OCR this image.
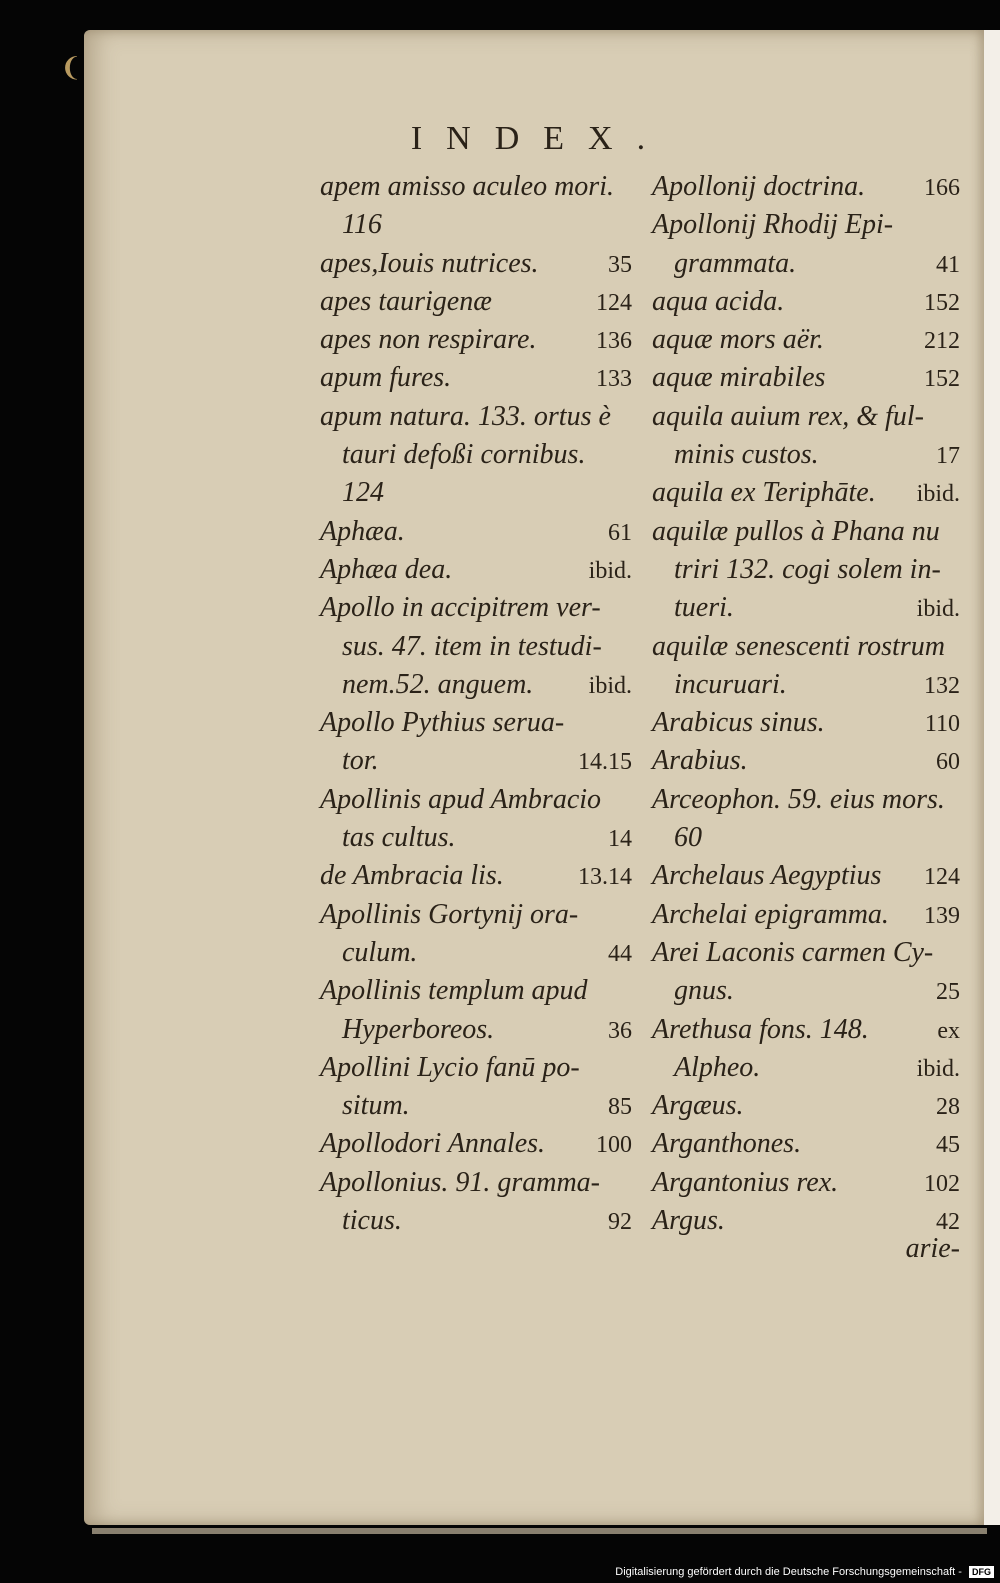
❨
INDEX.
apem amisso aculeo mori.
116
apes,Iouis nutrices.	35
apes taurigenæ	124
apes non respirare. 136
apum fures.	133
apum natura. 133. ortus è
tauri defoßi cornibus.
124
Aphæa.	61
Aphæa dea.	ibid.
Apollo in accipitrem ver-
sus. 47. item in testudi-
nem.52. anguem. ibid.
Apollo Pythius serua-
tor.	14.15
Apollinis apud Ambracio
tas cultus.	14
de Ambracia lis.	13.14
Apollinis Gortynij ora-
culum.	44
Apollinis templum apud
Hyperboreos.	36
Apollini Lycio fanū po-
situm.	85
Apollodori Annales. 100
Apollonius. 91. gramma-
ticus.	92
Apollonij doctrina. 166
Apollonij Rhodij Epi-
grammata.	41
aqua acida.	152
aquæ mors aër.	212
aquæ mirabiles	152
aquila auium rex, & ful-
minis custos.	17
aquila ex Teriphāte. ibid.
aquilæ pullos à Phana nu
triri 132. cogi solem in-
tueri.	ibid.
aquilæ senescenti rostrum
incuruari.	132
Arabicus sinus.	110
Arabius.	60
Arceophon. 59. eius mors.
60
Archelaus Aegyptius 124
Archelai epigramma. 139
Arei Laconis carmen Cy-
gnus.	25
Arethusa fons. 148.	ex
Alpheo.	ibid.
Argæus.	28
Arganthones.	45
Argantonius rex.	102
Argus.	42
arie-
Digitalisierung gefördert durch die Deutsche Forschungsgemeinschaft - DFG
